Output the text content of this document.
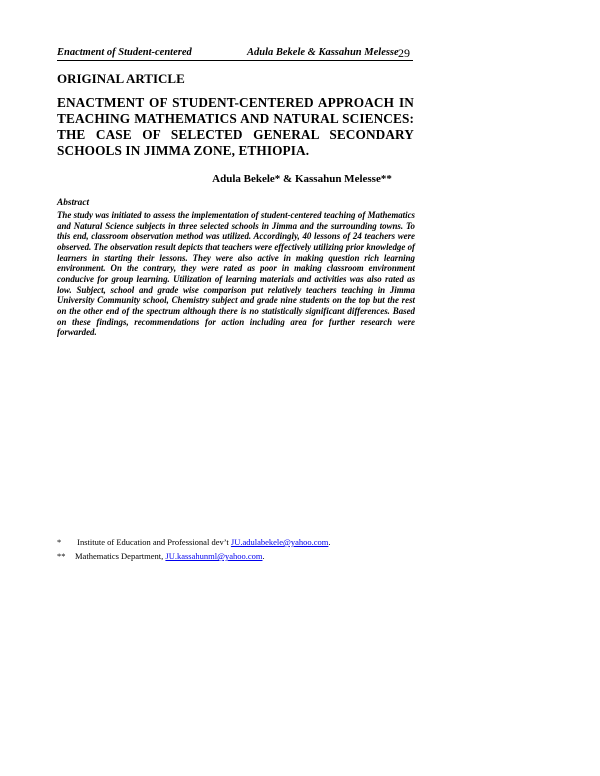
Enactment of Student-centered	Adula Bekele & Kassahun Melesse
29
ORIGINAL ARTICLE
ENACTMENT OF STUDENT-CENTERED APPROACH IN TEACHING MATHEMATICS AND NATURAL SCIENCES: THE CASE OF SELECTED GENERAL SECONDARY SCHOOLS IN JIMMA ZONE, ETHIOPIA.
Adula Bekele* & Kassahun Melesse**
Abstract
The study was initiated to assess the implementation of student-centered teaching of Mathematics and Natural Science subjects in three selected schools in Jimma and the surrounding towns. To this end, classroom observation method was utilized. Accordingly, 40 lessons of 24 teachers were observed. The observation result depicts that teachers were effectively utilizing prior knowledge of learners in starting their lessons. They were also active in making question rich learning environment. On the contrary, they were rated as poor in making classroom environment conducive for group learning. Utilization of learning materials and activities was also rated as low. Subject, school and grade wise comparison put relatively teachers teaching in Jimma University Community school, Chemistry subject and grade nine students on the top but the rest on the other end of the spectrum although there is no statistically significant differences. Based on these findings, recommendations for action including area for further research were forwarded.
* Institute of Education and Professional dev’t JU.adulabekele@yahoo.com.
** Mathematics Department, JU.kassahunml@yahoo.com.
